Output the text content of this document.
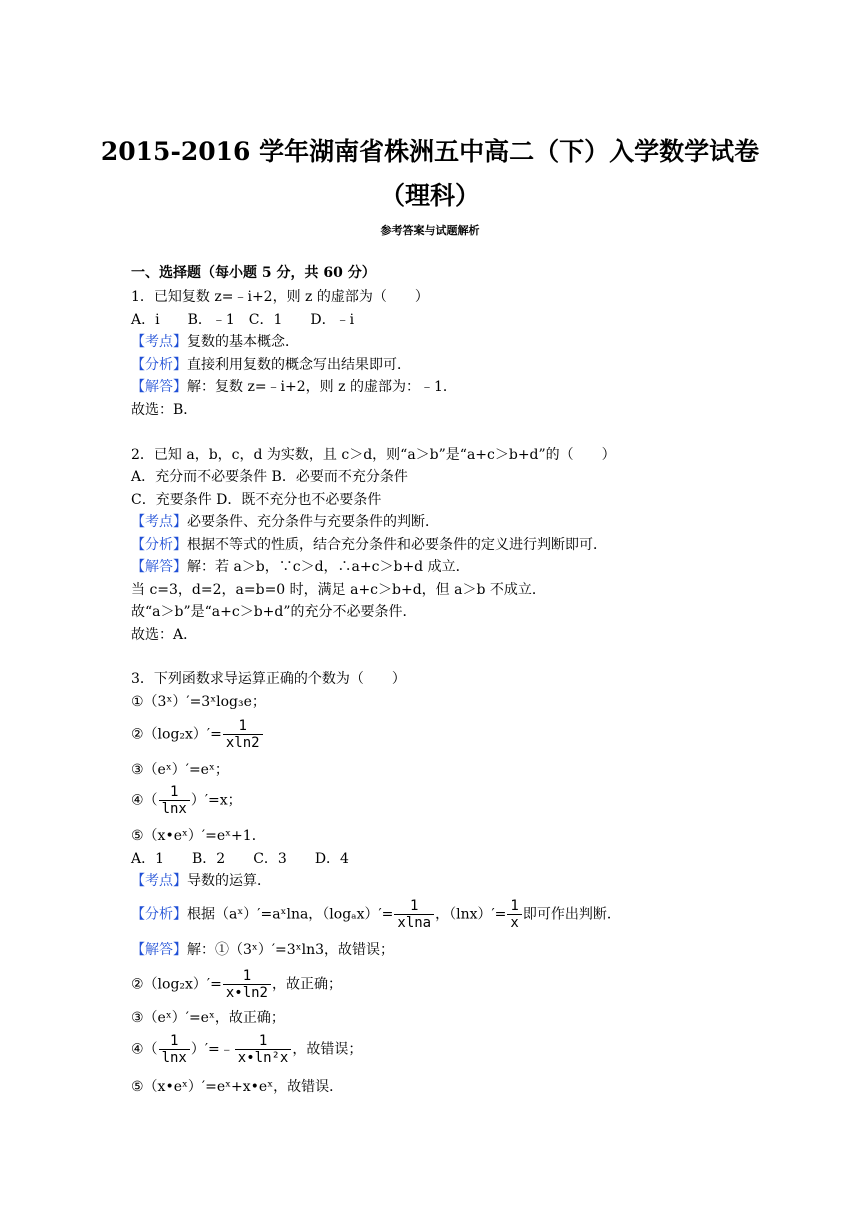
2015-2016 学年湖南省株洲五中高二（下）入学数学试卷
（理科）
参考答案与试题解析
一、选择题（每小题 5 分，共 60 分）
1．已知复数 z=﹣i+2，则 z 的虚部为（　　）
A．i　　B．﹣1　C．1　　D．﹣i
【考点】复数的基本概念．
【分析】直接利用复数的概念写出结果即可．
【解答】解：复数 z=﹣i+2，则 z 的虚部为：﹣1．
故选：B．
2．已知 a，b，c，d 为实数，且 c＞d，则“a＞b”是“a+c＞b+d”的（　　）
A．充分而不必要条件 B．必要而不充分条件
C．充要条件 D．既不充分也不必要条件
【考点】必要条件、充分条件与充要条件的判断．
【分析】根据不等式的性质，结合充分条件和必要条件的定义进行判断即可．
【解答】解：若 a＞b，∵c＞d，∴a+c＞b+d 成立．
当 c=3，d=2，a=b=0 时，满足 a+c＞b+d，但 a＞b 不成立．
故“a＞b”是“a+c＞b+d”的充分不必要条件．
故选：A．
3．下列函数求导运算正确的个数为（　　）
①（3ˣ）′=3ˣlog₃e；
②（log₂x）′= $\frac{1}{xln2}$
③（eˣ）′=eˣ；
④（ $\frac{1}{\ln x} )'=x$；
⑤（x•eˣ）′=eˣ+1．
A．1　　B．2　　C．3　　D．4
【考点】导数的运算．
【分析】根据（aˣ）′=aˣlna，$(\log_ax)'= \frac{1}{xlna}$ ，$(\ln x)'= \frac{1}{x}$ 即可作出判断．
【解答】解：①（3ˣ）′=3ˣln3，故错误；
②（log₂x）′= $\frac{1}{x•\ln 2}$ ，故正确；
③（eˣ）′=eˣ，故正确；
④（ $\frac{1}{\ln x}$ ）′=﹣ $\frac{1}{\text{x•ln²x}}$ ，故错误；
⑤（x•eˣ）′=eˣ+x•eˣ，故错误．
